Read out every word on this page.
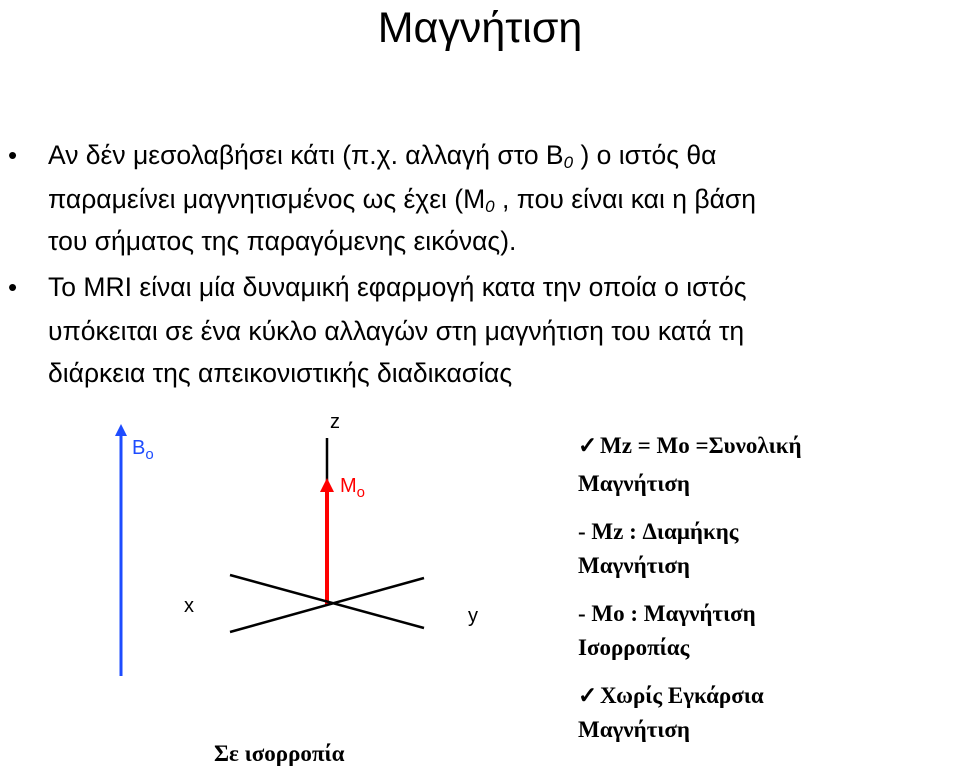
Μαγνήτιση
• Αν δέν μεσολαβήσει κάτι (π.χ. αλλαγή στο $B_0$ ) ο ιστός θα
παραμείνει μαγνητισμένος ως έχει ($M_0$ , που είναι και η βάση
του σήματος της παραγόμενης εικόνας).
• Το MRI είναι μία δυναμική εφαρμογή κατα την οποία ο ιστός
υπόκειται σε ένα κύκλο αλλαγών στη μαγνήτιση του κατά τη
διάρκεια της απεικονιστικής διαδικασίας
$B_o$
z
$M_o$
x	y
Σε ισορροπία
✓ Mz = Mo =Συνολική
Μαγνήτιση
- Mz : Διαμήκης
Μαγνήτιση
- Mo : Μαγνήτιση
Ισορροπίας
✓ Χωρίς Εγκάρσια
Μαγνήτιση
